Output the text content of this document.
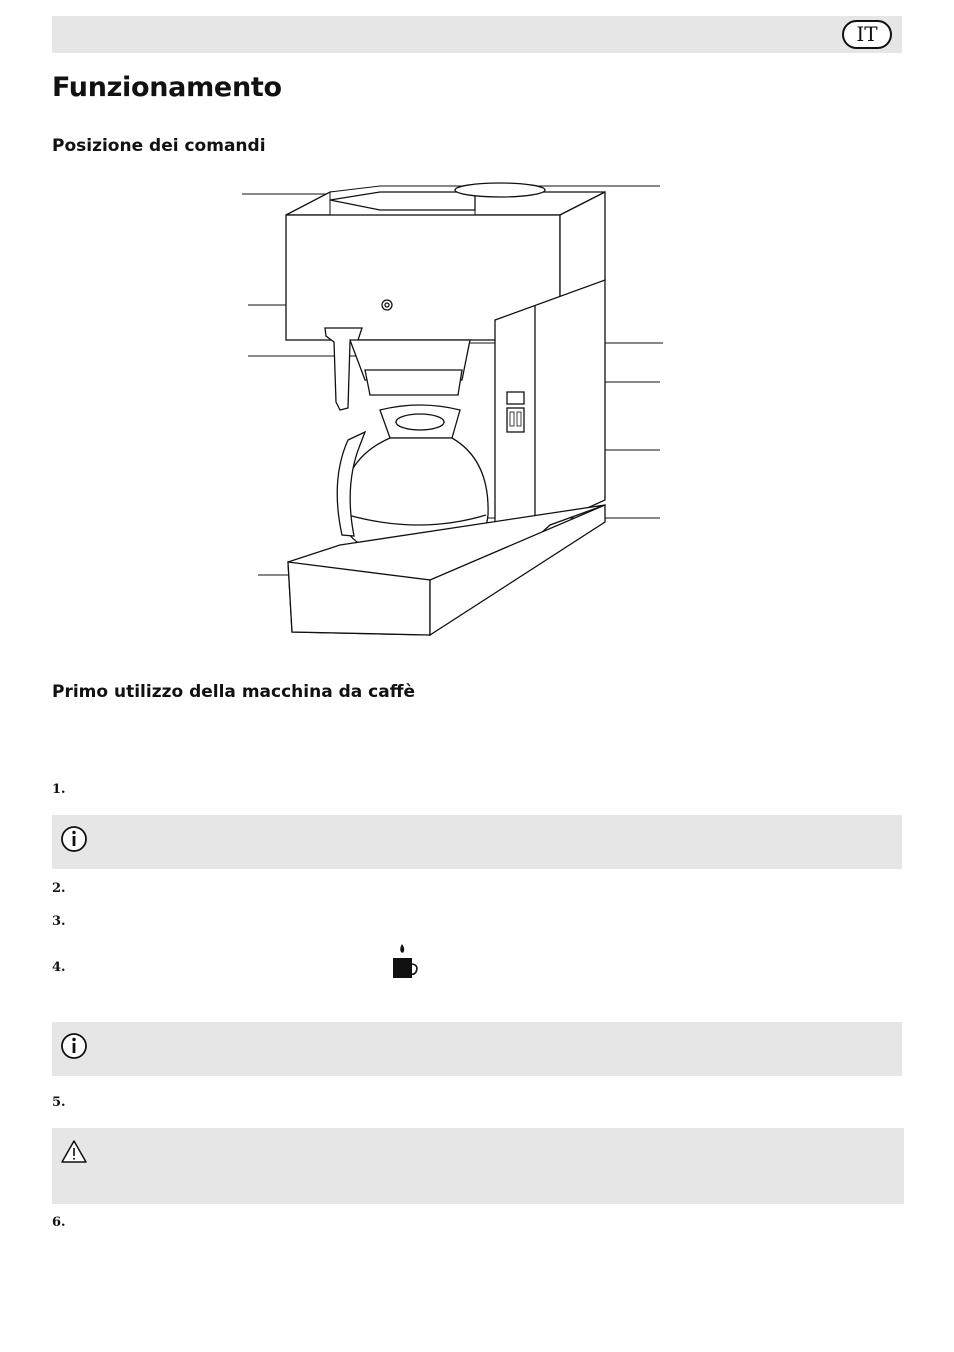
IT
Funzionamento
Posizione dei comandi
Primo utilizzo della macchina da caffè
1.
2.
3.
4.
5.
6.
